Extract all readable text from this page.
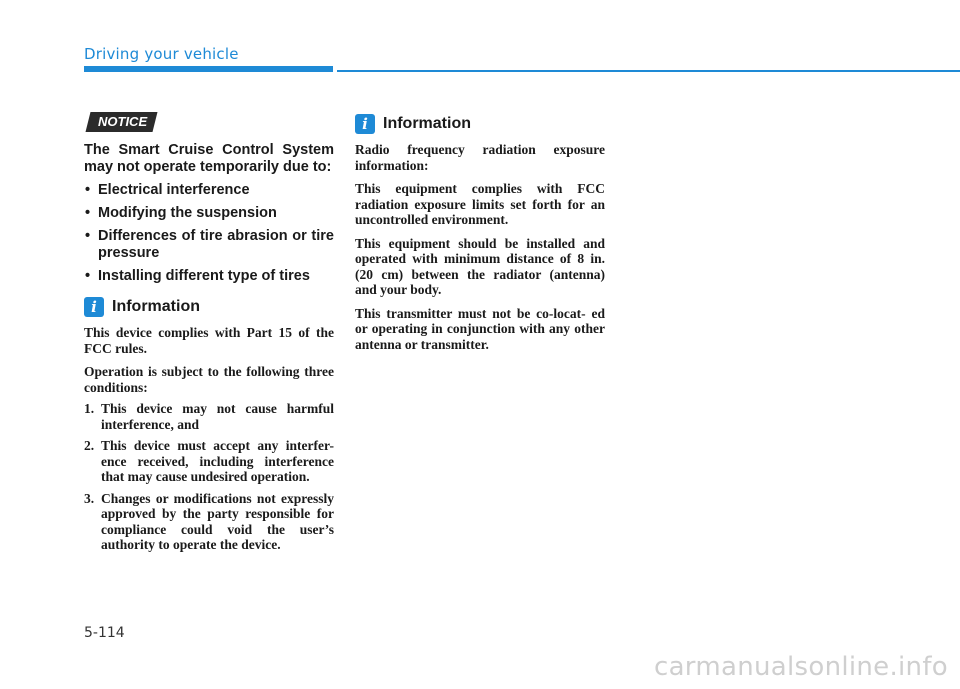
Driving your vehicle
NOTICE
The Smart Cruise Control System may not operate temporarily due to:
• Electrical interference
• Modifying the suspension
• Differences of tire abrasion or tire pressure
• Installing different type of tires
i Information

This device complies with Part 15 of the FCC rules.

Operation is subject to the following three conditions:

1. This device may not cause harmful interference, and
2. This device must accept any interfer- ence received, including interference that may cause undesired operation.
3. Changes or modifications not expressly approved by the party responsible for compliance could void the user’s authority to operate the device.
i Information

Radio frequency radiation exposure information:

This equipment complies with FCC radiation exposure limits set forth for an uncontrolled environment.

This equipment should be installed and operated with minimum distance of 8 in. (20 cm) between the radiator (antenna) and your body.

This transmitter must not be co-locat- ed or operating in conjunction with any other antenna or transmitter.

5-114
carmanualsonline.info
